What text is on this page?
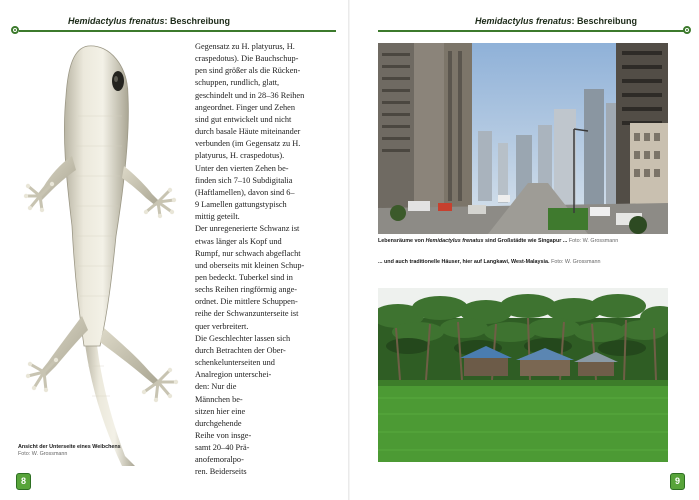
Hemidactylus frenatus: Beschreibung

Gegensatz zu H. platyurus, H.

craspedotus). Die Bauchschup-

pen sind größer als die Rücken-

schuppen, rundlich, glatt,

geschindelt und in 28–36 Reihen

angeordnet. Finger und Zehen

sind gut entwickelt und nicht

durch basale Häute miteinander

verbunden (im Gegensatz zu H.

platyurus, H. craspedotus).

Unter den vierten Zehen be-

finden sich 7–10 Subdigitalia

(Haftlamellen), davon sind 6–

9 Lamellen gattungstypisch

mittig geteilt.

Der unregenerierte Schwanz ist

etwas länger als Kopf und

Rumpf, nur schwach abgeflacht

und oberseits mit kleinen Schup-

pen bedeckt. Tuberkel sind in

sechs Reihen ringförmig ange-

ordnet. Die mittlere Schuppen-

reihe der Schwanzunterseite ist

quer verbreitert.

Die Geschlechter lassen sich

durch Betrachten der Ober-

schenkelunterseiten und

Analregion unterschei-

den: Nur die

Männchen be-

sitzen hier eine

durchgehende

Reihe von insge-

samt 20–40 Prä-

anofemoralpo-

ren. Beiderseits

Ansicht der Unterseite eines Weibchens Foto: W. Grossmann
8
Hemidactylus frenatus: Beschreibung
Lebensräume von Hemidactylus frenatus sind Großstädte wie Singapur ... Foto: W. Grossmann
... und auch traditionelle Häuser, hier auf Langkawi, West-Malaysia. Foto: W. Grossmann
9
